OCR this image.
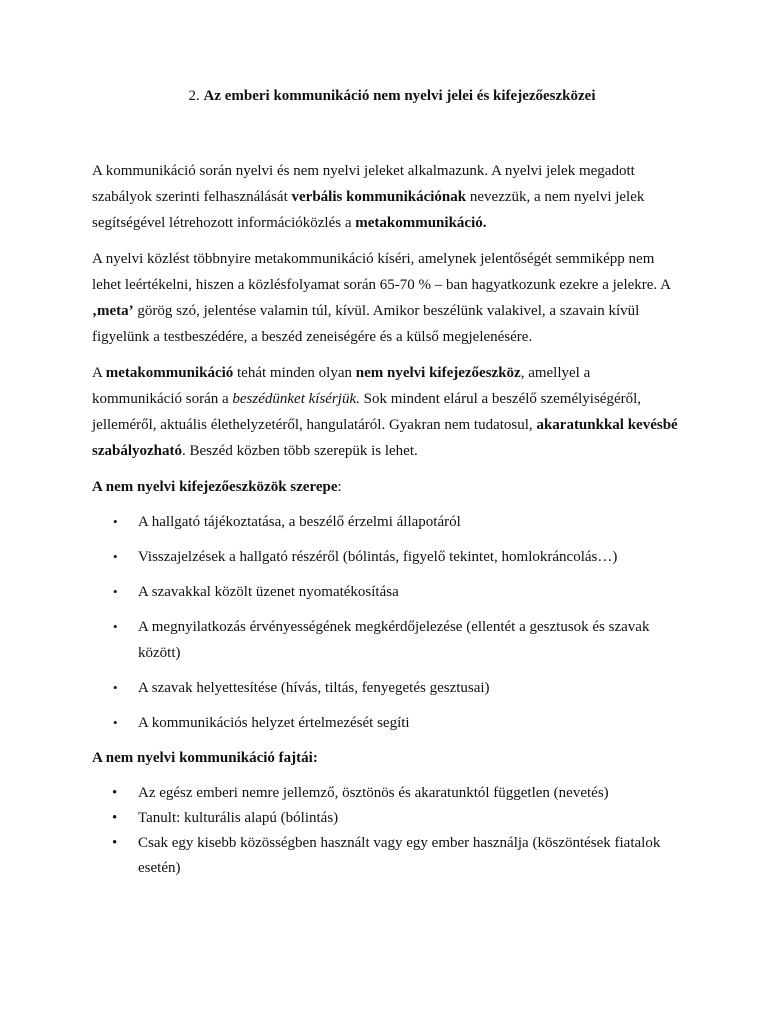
2. Az emberi kommunikáció nem nyelvi jelei és kifejezőeszközei

A kommunikáció során nyelvi és nem nyelvi jeleket alkalmazunk. A nyelvi jelek megadott szabályok szerinti felhasználását verbális kommunikációnak nevezzük, a nem nyelvi jelek segítségével létrehozott információközlés a metakommunikáció.

A nyelvi közlést többnyire metakommunikáció kíséri, amelynek jelentőségét semmiképp nem lehet leértékelni, hiszen a közlésfolyamat során 65-70 % – ban hagyatkozunk ezekre a jelekre. A ‚meta’ görög szó, jelentése valamin túl, kívül. Amikor beszélünk valakivel, a szavain kívül figyelünk a testbeszédére, a beszéd zeneiségére és a külső megjelenésére.

A metakommunikáció tehát minden olyan nem nyelvi kifejezőeszköz, amellyel a kommunikáció során a beszédünket kísérjük. Sok mindent elárul a beszélő személyiségéről, jelleméről, aktuális élethelyzetéről, hangulatáról. Gyakran nem tudatosul, akaratunkkal kevésbé szabályozható. Beszéd közben több szerepük is lehet.

A nem nyelvi kifejezőeszközök szerepe:

• A hallgató tájékoztatása, a beszélő érzelmi állapotáról
• Visszajelzések a hallgató részéről (bólintás, figyelő tekintet, homlokráncolás…)
• A szavakkal közölt üzenet nyomatékosítása
• A megnyilatkozás érvényességének megkérdőjelezése (ellentét a gesztusok és szavak között)
• A szavak helyettesítése (hívás, tiltás, fenyegetés gesztusai)
• A kommunikációs helyzet értelmezését segíti

A nem nyelvi kommunikáció fajtái:

• Az egész emberi nemre jellemző, ösztönös és akaratunktól független (nevetés)
• Tanult: kulturális alapú (bólintás)
• Csak egy kisebb közösségben használt vagy egy ember használja (köszöntések fiatalok esetén)
